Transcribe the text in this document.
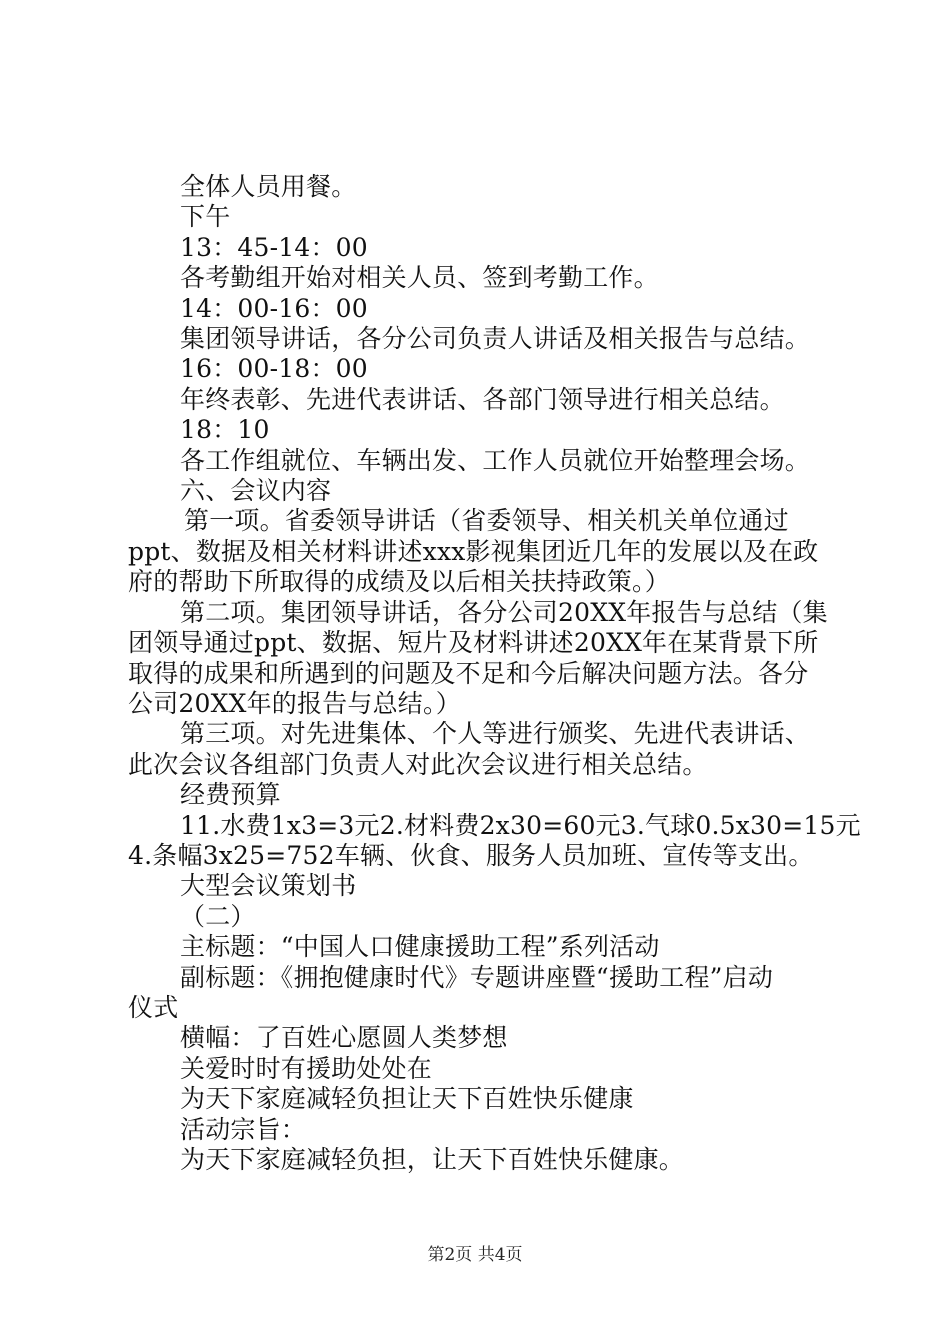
全体人员用餐。
下午
13：45-14：00
各考勤组开始对相关人员、签到考勤工作。
14：00-16：00
集团领导讲话，各分公司负责人讲话及相关报告与总结。
16：00-18：00
年终表彰、先进代表讲话、各部门领导进行相关总结。
18：10
各工作组就位、车辆出发、工作人员就位开始整理会场。
六、会议内容
第一项。省委领导讲话（省委领导、相关机关单位通过
ppt、数据及相关材料讲述xxx影视集团近几年的发展以及在政
府的帮助下所取得的成绩及以后相关扶持政策。）
第二项。集团领导讲话，各分公司20XX年报告与总结（集
团领导通过ppt、数据、短片及材料讲述20XX年在某背景下所
取得的成果和所遇到的问题及不足和今后解决问题方法。各分
公司20XX年的报告与总结。）
第三项。对先进集体、个人等进行颁奖、先进代表讲话、
此次会议各组部门负责人对此次会议进行相关总结。
经费预算
11.水费1x3=3元2.材料费2x30=60元3.气球0.5x30=15元
4.条幅3x25=752车辆、伙食、服务人员加班、宣传等支出。
大型会议策划书
（二）
主标题：“中国人口健康援助工程”系列活动
副标题：《拥抱健康时代》专题讲座暨“援助工程”启动
仪式
横幅：了百姓心愿圆人类梦想
关爱时时有援助处处在
为天下家庭减轻负担让天下百姓快乐健康
活动宗旨：
为天下家庭减轻负担，让天下百姓快乐健康。
第2页 共4页
